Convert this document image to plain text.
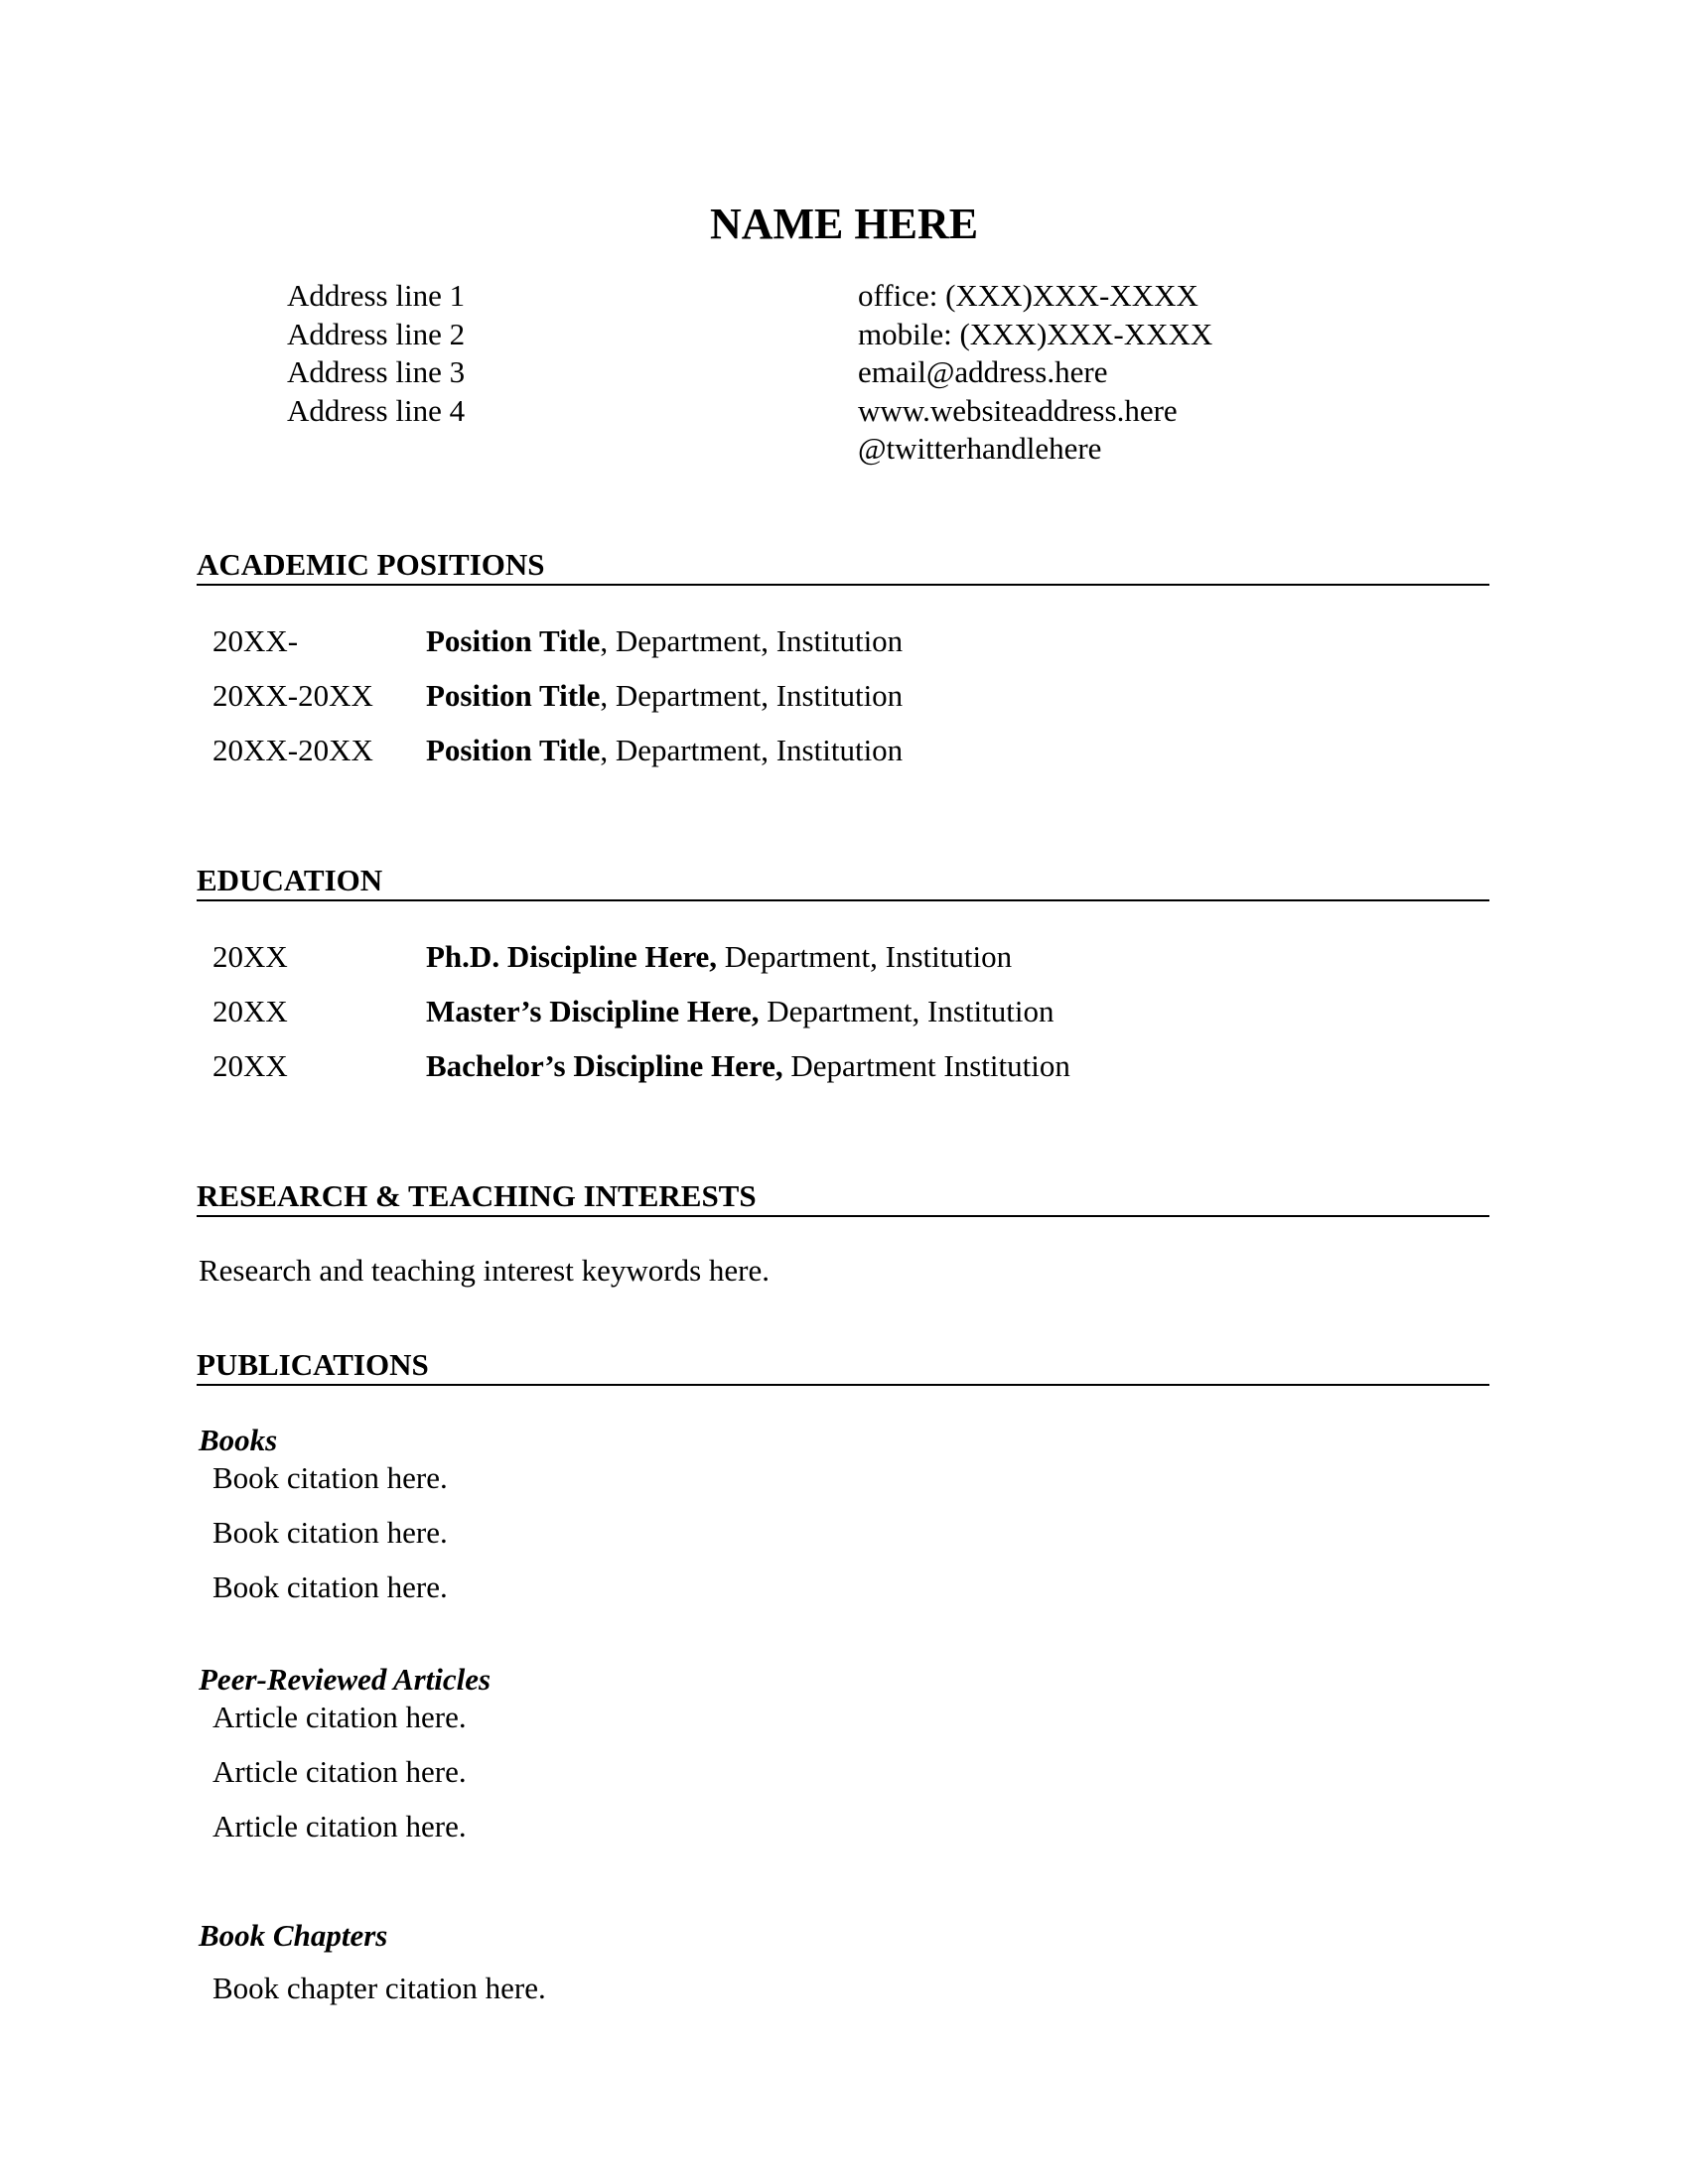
NAME HERE
Address line 1
Address line 2
Address line 3
Address line 4
office: (XXX)XXX-XXXX
mobile: (XXX)XXX-XXXX
email@address.here
www.websiteaddress.here
@twitterhandlehere
ACADEMIC POSITIONS
20XX-	Position Title, Department, Institution
20XX-20XX Position Title, Department, Institution
20XX-20XX Position Title, Department, Institution
EDUCATION
20XX	Ph.D. Discipline Here, Department, Institution
20XX	Master’s Discipline Here, Department, Institution
20XX	Bachelor’s Discipline Here, Department Institution
RESEARCH & TEACHING INTERESTS
Research and teaching interest keywords here.
PUBLICATIONS
Books
Book citation here.
Book citation here.
Book citation here.
Peer-Reviewed Articles
Article citation here.
Article citation here.
Article citation here.
Book Chapters
Book chapter citation here.
